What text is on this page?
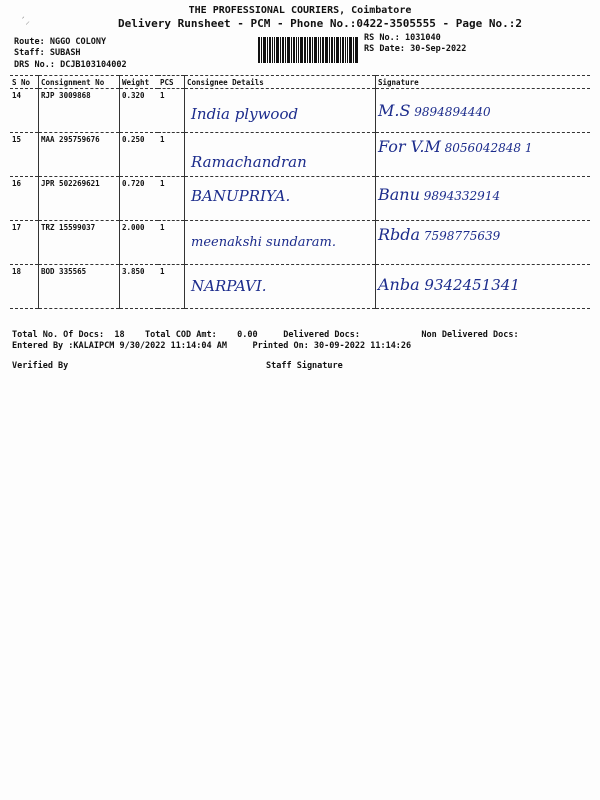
´⸝
THE PROFESSIONAL COURIERS, Coimbatore
Delivery Runsheet - PCM - Phone No.:0422-3505555 - Page No.:2
Route: NGGO COLONY
Staff: SUBASH
DRS No.: DCJB103104002
RS No.: 1031040
RS Date: 30-Sep-2022
S No	Consignment No	Weight	PCS	Consignee Details	Signature
14	RJP 3009868	0.320	1	India plywood	M.S 9894894440

15	MAA 295759676	0.250	1	Ramachandran	For V.M 8056042848 1

16	JPR 502269621	0.720	1	BANUPRIYA.	Banu 9894332914

17	TRZ 15599037	2.000	1	meenakshi sundaram.	Rbda 7598775639

18	BOD 335565	3.850	1	NARPAVI.	Anba 9342451341
Total No. Of Docs:  18    Total COD Amt:    0.00     Delivered Docs:            Non Delivered Docs:
Entered By :KALAIPCM 9/30/2022 11:14:04 AM     Printed On: 30-09-2022 11:14:26
Verified By	Staff Signature
